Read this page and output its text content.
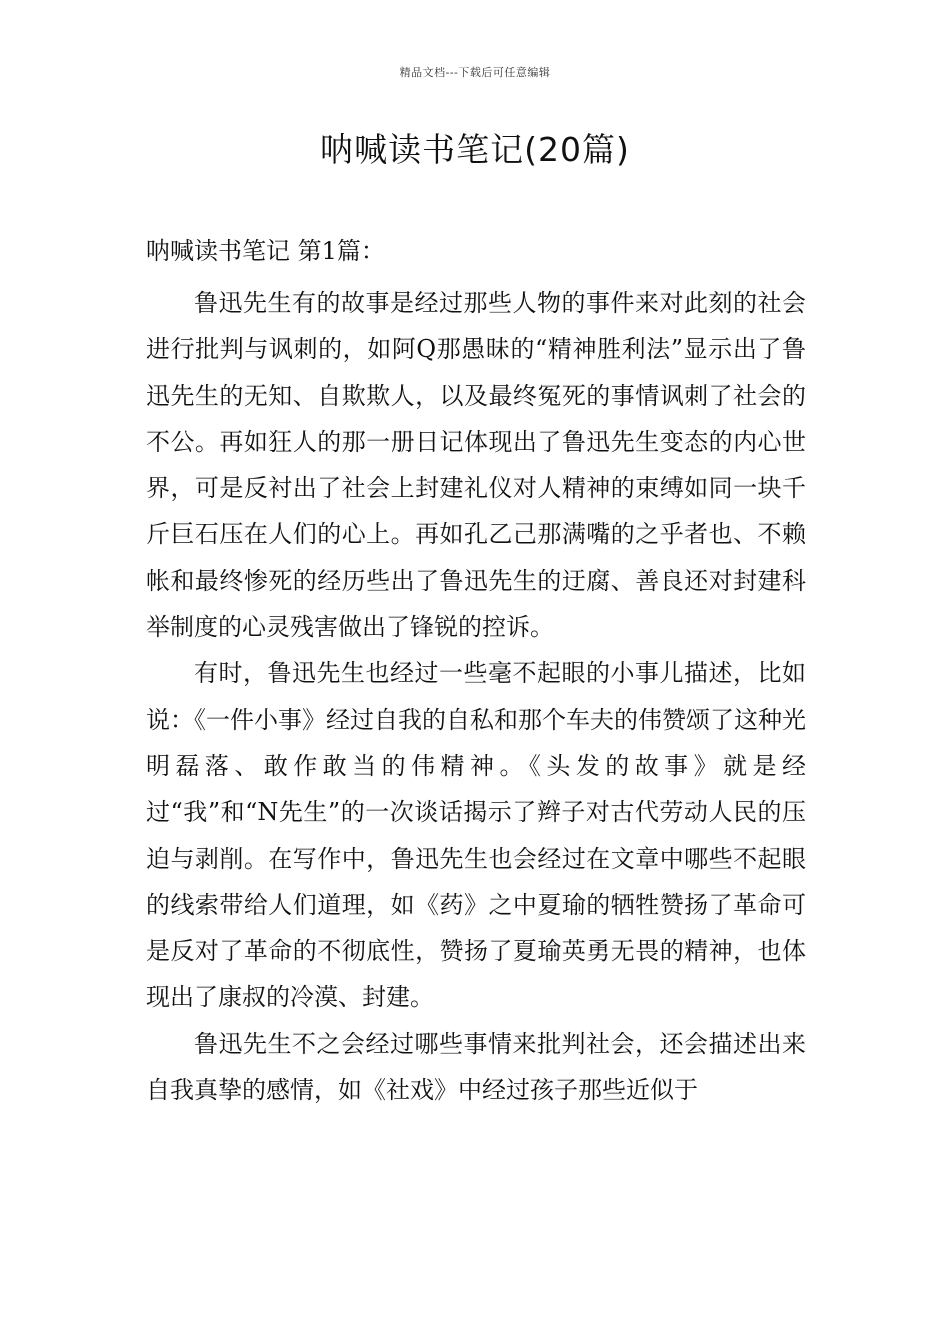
精品文档---下载后可任意编辑
呐喊读书笔记(20篇)
呐喊读书笔记 第1篇：

鲁迅先生有的故事是经过那些人物的事件来对此刻的社会进行批判与讽刺的，如阿Q那愚昧的“精神胜利法”显示出了鲁迅先生的无知、自欺欺人，以及最终冤死的事情讽刺了社会的不公。再如狂人的那一册日记体现出了鲁迅先生变态的内心世界，可是反衬出了社会上封建礼仪对人精神的束缚如同一块千斤巨石压在人们的心上。再如孔乙己那满嘴的之乎者也、不赖帐和最终惨死的经历些出了鲁迅先生的迂腐、善良还对封建科举制度的心灵残害做出了锋锐的控诉。

有时，鲁迅先生也经过一些毫不起眼的小事儿描述，比如说：《一件小事》经过自我的自私和那个车夫的伟赞颂了这种光明磊落、敢作敢当的伟精神。《头发的故事》就是经过“我”和“N先生”的一次谈话揭示了辫子对古代劳动人民的压迫与剥削。在写作中，鲁迅先生也会经过在文章中哪些不起眼的线索带给人们道理，如《药》之中夏瑜的牺牲赞扬了革命可是反对了革命的不彻底性，赞扬了夏瑜英勇无畏的精神，也体现出了康叔的冷漠、封建。

鲁迅先生不之会经过哪些事情来批判社会，还会描述出来自我真挚的感情，如《社戏》中经过孩子那些近似于
